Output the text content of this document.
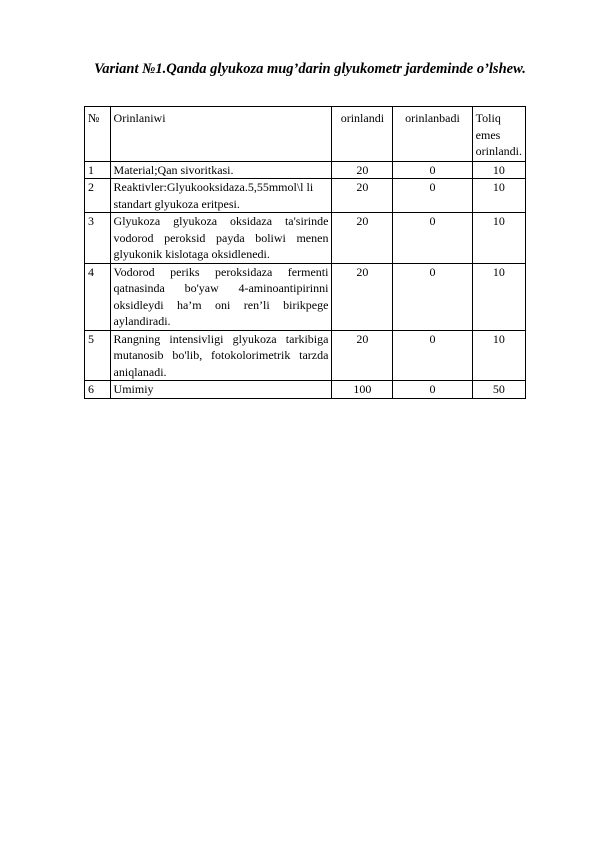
Variant №1.Qanda glyukoza mug’darin glyukometr jardeminde o’lshew.
№	Orinlaniwi	orinlandi	orinlanbadi	Toliq emes orinlandi.
1	Material;Qan sivoritkasi.	20	0	10
2	Reaktivler:Glyukooksidaza.5,55mmol\l li standart glyukoza eritpesi.	20	0	10
3	Glyukoza glyukoza oksidaza ta'sirinde vodorod peroksid payda boliwi menen glyukonik kislotaga oksidlenedi.	20	0	10
4	Vodorod periks peroksidaza fermenti qatnasinda bo'yaw 4-aminoantipirinni oksidleydi ha’m oni ren’li birikpege aylandiradi.	20	0	10
5	Rangning intensivligi glyukoza tarkibiga mutanosib bo'lib, fotokolorimetrik tarzda aniqlanadi.	20	0	10
6	Umimiy	100	0	50
